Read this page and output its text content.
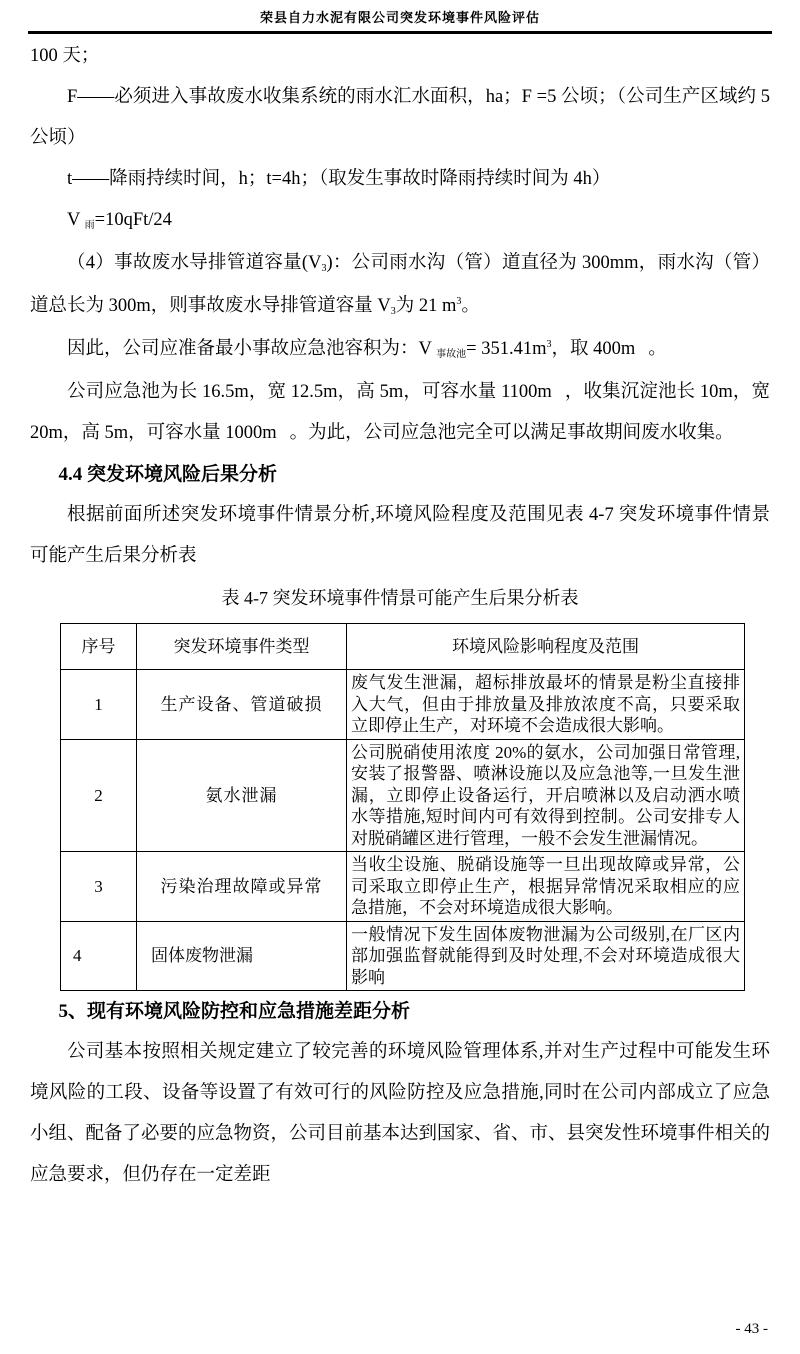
荣县自力水泥有限公司突发环境事件风险评估

100 天；

F——必须进入事故废水收集系统的雨水汇水面积，ha；F =5 公顷；（公司生产区域约 5 公顷）

t——降雨持续时间，h；t=4h；（取发生事故时降雨持续时间为 4h）

V $_雨$=10qFt/24

（4）事故废水导排管道容量$(V_3)$：公司雨水沟（管）道直径为 300mm，雨水沟（管）道总长为 300m，则事故废水导排管道容量 $V_3$为 21 $m^3$。

因此，公司应准备最小事故应急池容积为：V $_{事故池}= 351.41m^3$，取 400m 。

公司应急池为长 16.5m，宽 12.5m，高 5m，可容水量 1100m ，收集沉淀池长 10m，宽 20m，高 5m，可容水量 1000m 。为此，公司应急池完全可以满足事故期间废水收集。

4.4 突发环境风险后果分析

根据前面所述突发环境事件情景分析,环境风险程度及范围见表 4-7 突发环境事件情景可能产生后果分析表

表 4-7 突发环境事件情景可能产生后果分析表
序号	突发环境事件类型	环境风险影响程度及范围
1	生产设备、管道破损	废气发生泄漏，超标排放最坏的情景是粉尘直接排入大气，但由于排放量及排放浓度不高，只要采取立即停止生产，对环境不会造成很大影响。
2	氨水泄漏	公司脱硝使用浓度 20%的氨水，公司加强日常管理,安装了报警器、喷淋设施以及应急池等,一旦发生泄漏，立即停止设备运行，开启喷淋以及启动洒水喷水等措施,短时间内可有效得到控制。公司安排专人对脱硝罐区进行管理，一般不会发生泄漏情况。
3	污染治理故障或异常	当收尘设施、脱硝设施等一旦出现故障或异常，公司采取立即停止生产，根据异常情况采取相应的应急措施，不会对环境造成很大影响。
4	固体废物泄漏	一般情况下发生固体废物泄漏为公司级别,在厂区内部加强监督就能得到及时处理,不会对环境造成很大影响
5、现有环境风险防控和应急措施差距分析

公司基本按照相关规定建立了较完善的环境风险管理体系,并对生产过程中可能发生环境风险的工段、设备等设置了有效可行的风险防控及应急措施,同时在公司内部成立了应急小组、配备了必要的应急物资，公司目前基本达到国家、省、市、县突发性环境事件相关的应急要求，但仍存在一定差距

- 43 -
